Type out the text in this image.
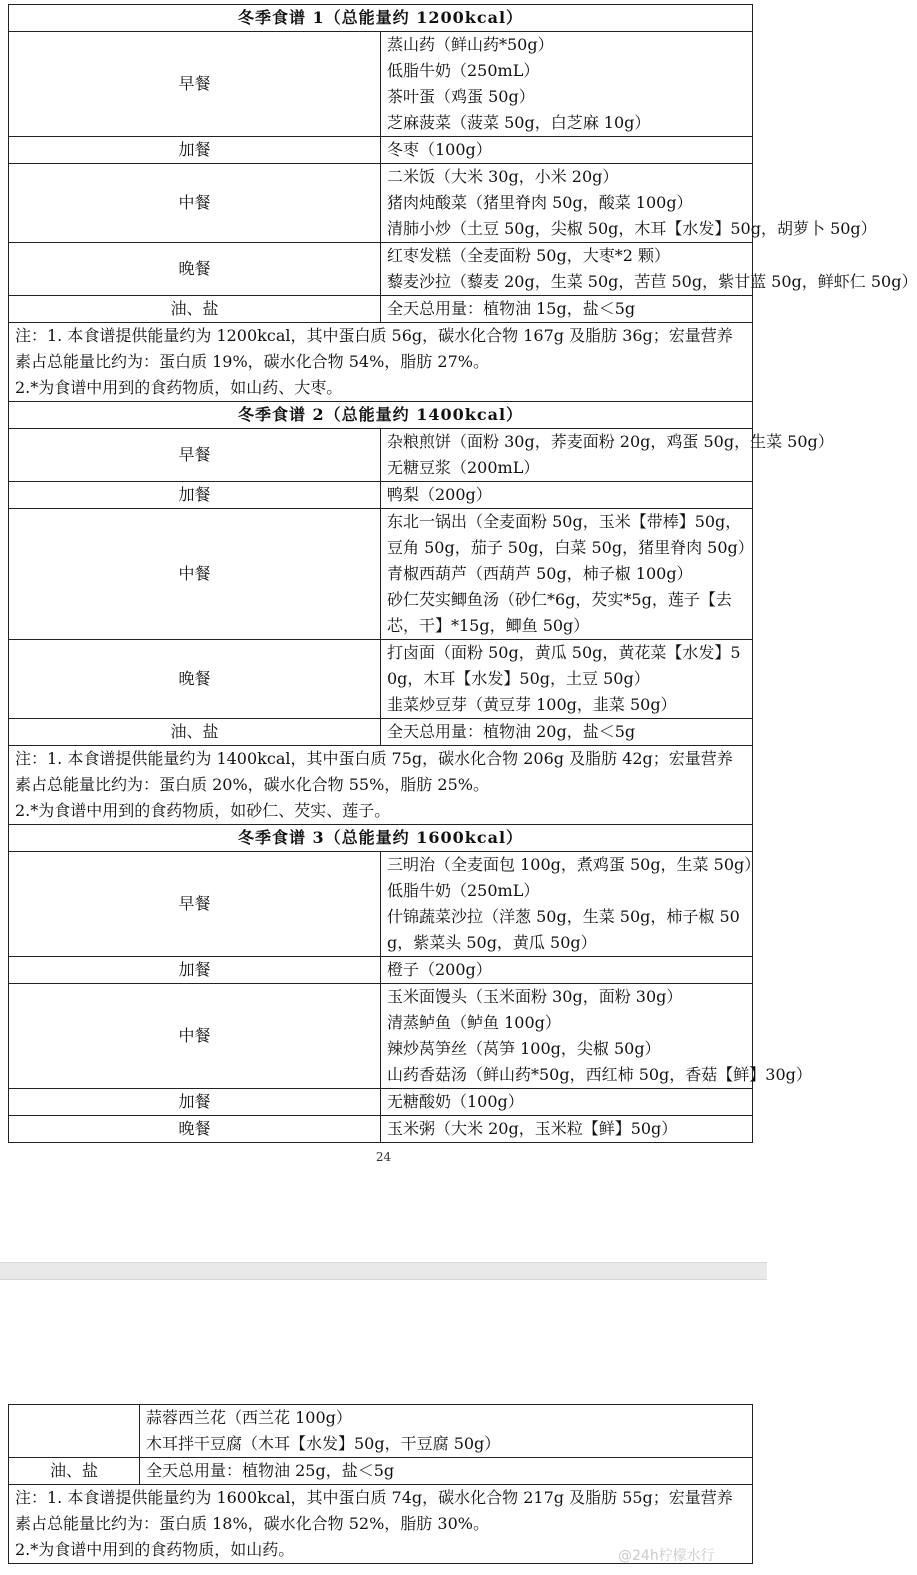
冬季食谱 1（总能量约 1200kcal）	
早餐	蒸山药（鲜山药*50g）
低脂牛奶（250mL）
茶叶蛋（鸡蛋 50g）
芝麻菠菜（菠菜 50g，白芝麻 10g）

加餐	冬枣（100g）

中餐	二米饭（大米 30g，小米 20g）
猪肉炖酸菜（猪里脊肉 50g，酸菜 100g）
清肺小炒（土豆 50g，尖椒 50g，木耳【水发】50g，胡萝卜 50g）

晚餐	红枣发糕（全麦面粉 50g，大枣*2 颗）
藜麦沙拉（藜麦 20g，生菜 50g，苦苣 50g，紫甘蓝 50g，鲜虾仁 50g）

油、盐	全天总用量：植物油 15g，盐＜5g

注：1. 本食谱提供能量约为 1200kcal，其中蛋白质 56g，碳水化合物 167g 及脂肪 36g；宏量营养素占总能量比约为：蛋白质 19%，碳水化合物 54%，脂肪 27%。
2.*为食谱中用到的食药物质，如山药、大枣。	

冬季食谱 2（总能量约 1400kcal）	
早餐	杂粮煎饼（面粉 30g，荞麦面粉 20g，鸡蛋 50g，生菜 50g）
无糖豆浆（200mL）

加餐	鸭梨（200g）

中餐	东北一锅出（全麦面粉 50g，玉米【带棒】50g，豆角 50g，茄子 50g，白菜 50g，猪里脊肉 50g）
青椒西葫芦（西葫芦 50g，柿子椒 100g）
砂仁芡实鲫鱼汤（砂仁*6g，芡实*5g，莲子【去芯，干】*15g，鲫鱼 50g）

晚餐	打卤面（面粉 50g，黄瓜 50g，黄花菜【水发】50g，木耳【水发】50g，土豆 50g）
韭菜炒豆芽（黄豆芽 100g，韭菜 50g）

油、盐	全天总用量：植物油 20g，盐＜5g

注：1. 本食谱提供能量约为 1400kcal，其中蛋白质 75g，碳水化合物 206g 及脂肪 42g；宏量营养素占总能量比约为：蛋白质 20%，碳水化合物 55%，脂肪 25%。
2.*为食谱中用到的食药物质，如砂仁、芡实、莲子。	

冬季食谱 3（总能量约 1600kcal）	
早餐	三明治（全麦面包 100g，煮鸡蛋 50g，生菜 50g）
低脂牛奶（250mL）
什锦蔬菜沙拉（洋葱 50g，生菜 50g，柿子椒 50g，紫菜头 50g，黄瓜 50g）

加餐	橙子（200g）

中餐	玉米面馒头（玉米面粉 30g，面粉 30g）
清蒸鲈鱼（鲈鱼 100g）
辣炒莴笋丝（莴笋 100g，尖椒 50g）
山药香菇汤（鲜山药*50g，西红柿 50g，香菇【鲜】30g）

加餐	无糖酸奶（100g）

晚餐	玉米粥（大米 20g，玉米粒【鲜】50g）
24

	蒜蓉西兰花（西兰花 100g）
木耳拌干豆腐（木耳【水发】50g，干豆腐 50g）

油、盐	全天总用量：植物油 25g，盐＜5g

注：1. 本食谱提供能量约为 1600kcal，其中蛋白质 74g，碳水化合物 217g 及脂肪 55g；宏量营养素占总能量比约为：蛋白质 18%，碳水化合物 52%，脂肪 30%。
2.*为食谱中用到的食药物质，如山药。		@24h柠檬水行
